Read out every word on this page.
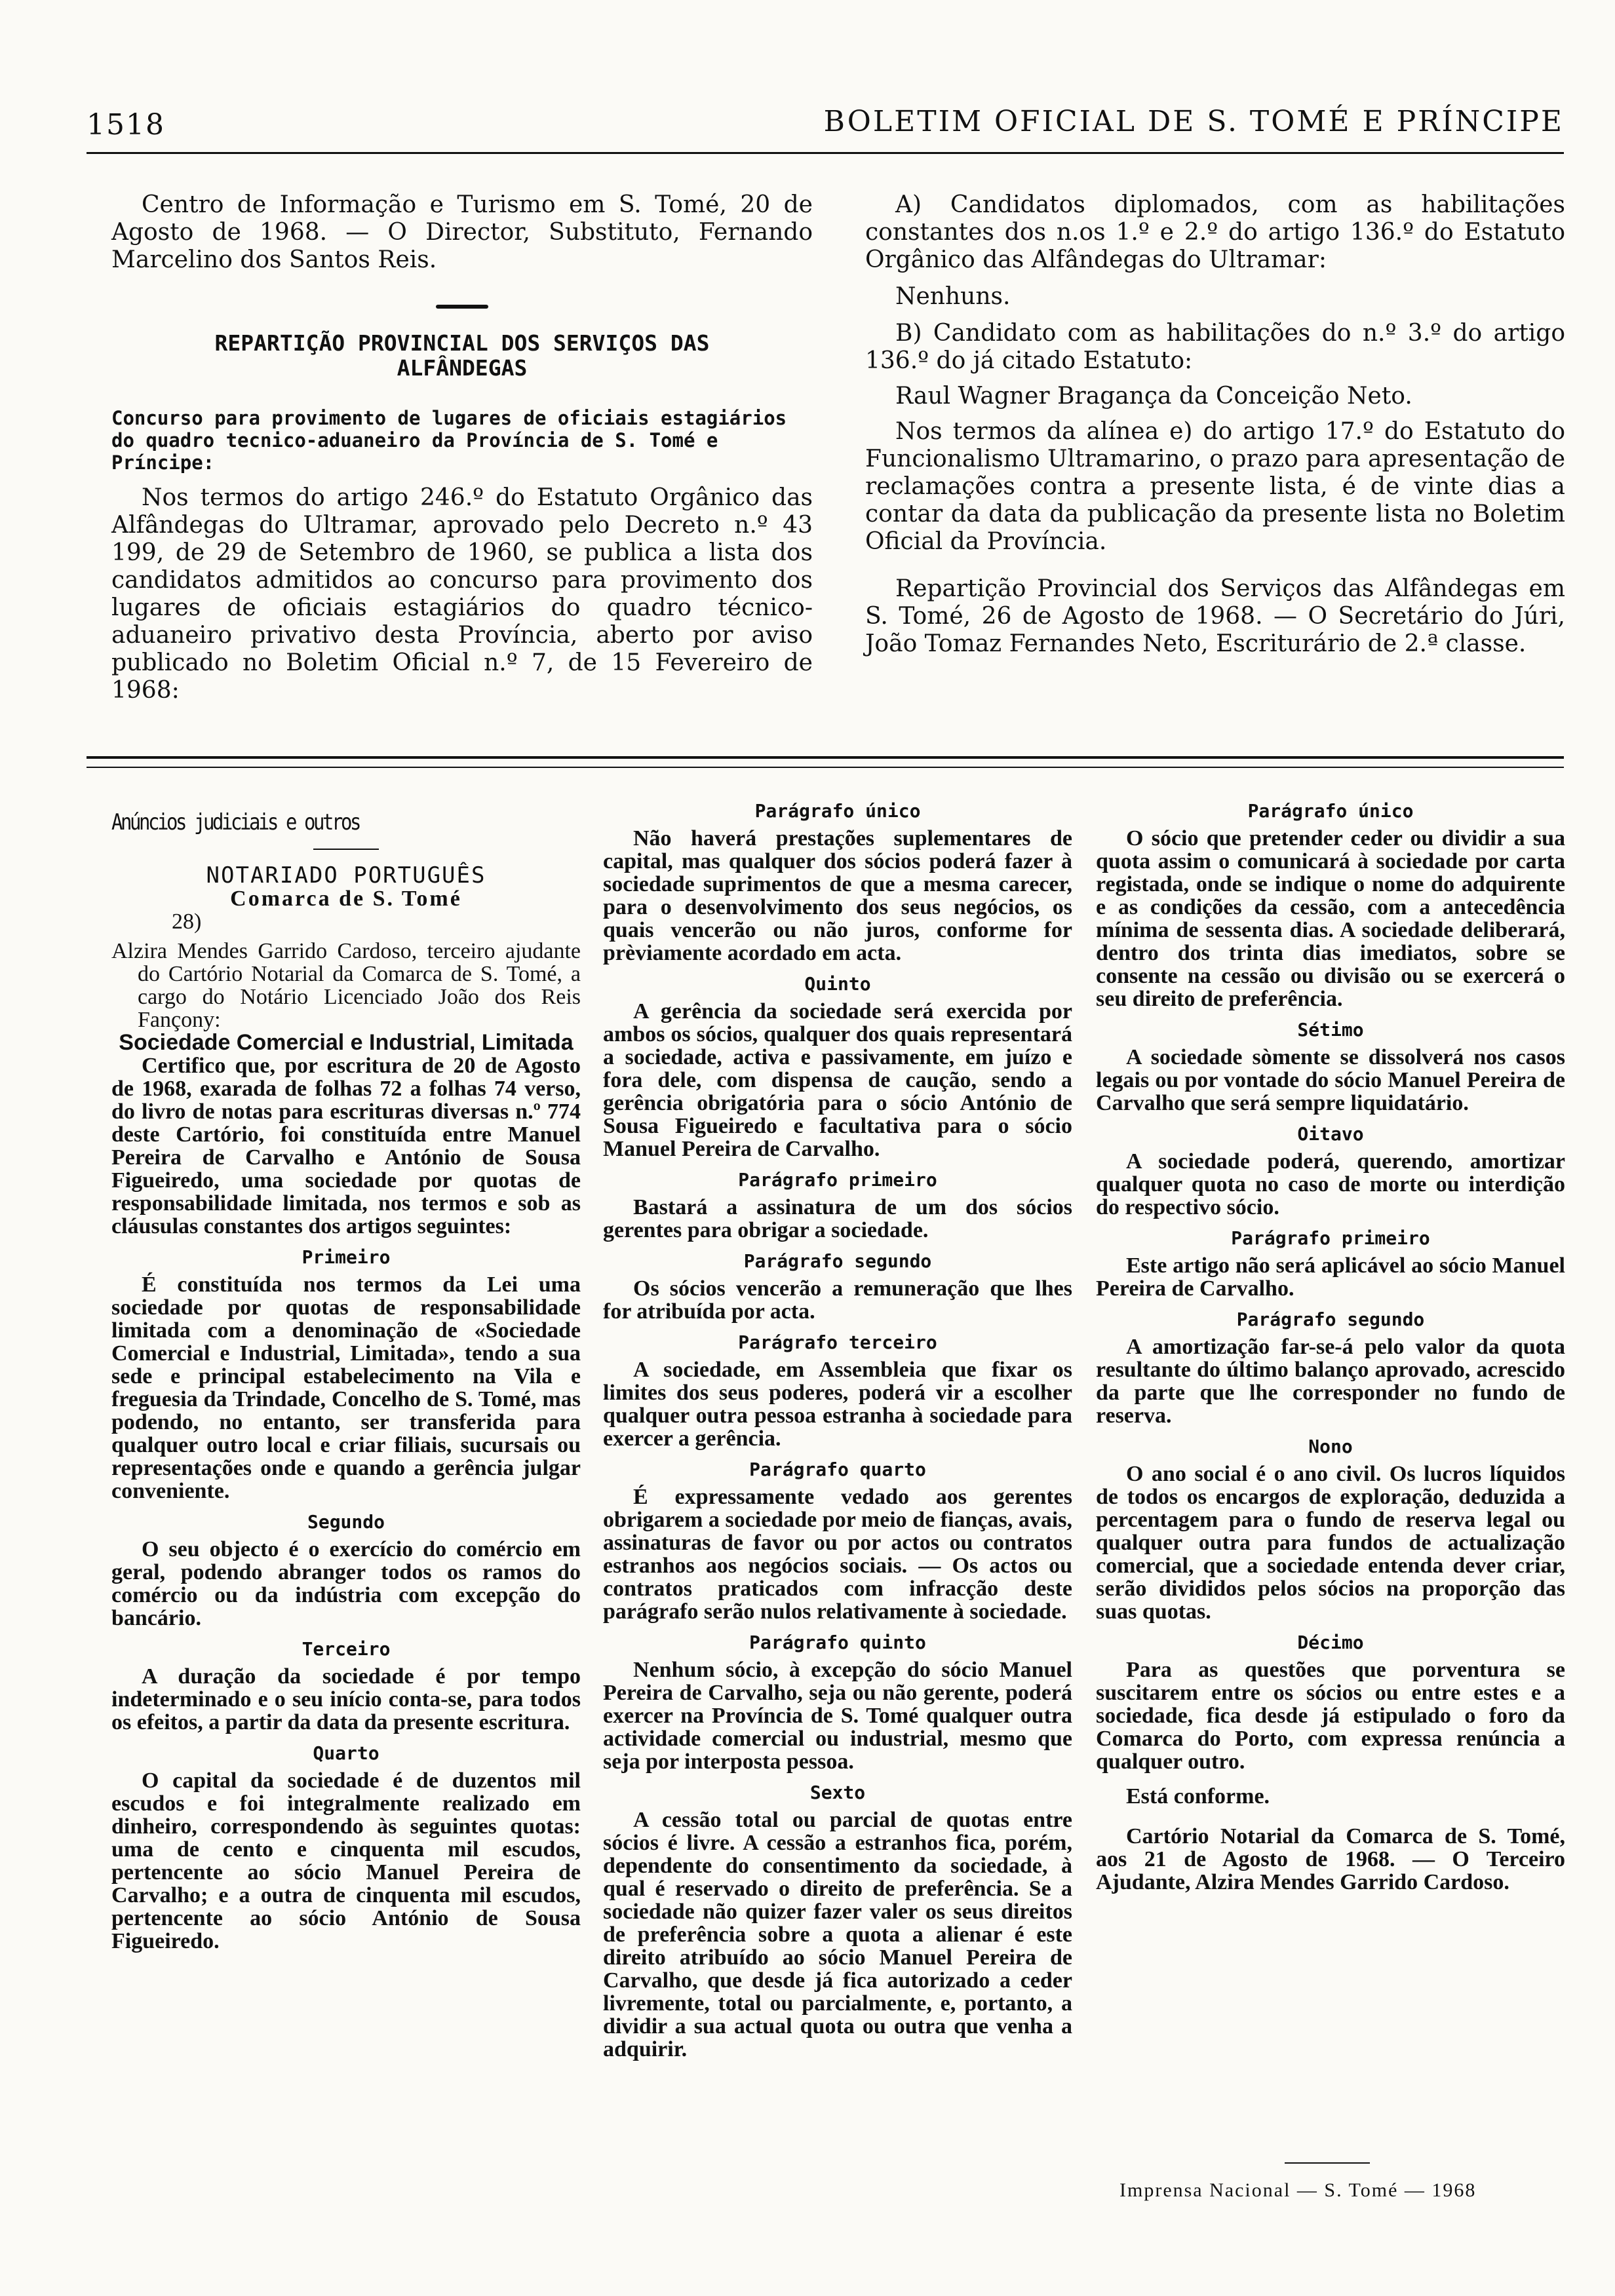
1518	BOLETIM OFICIAL DE S. TOMÉ E PRÍNCIPE

Centro de Informação e Turismo em S. Tomé, 20 de Agosto de 1968. — O Director, Substituto, Fernando Marcelino dos Santos Reis.

REPARTIÇÃO PROVINCIAL DOS SERVIÇOS DAS ALFÂNDEGAS

Concurso para provimento de lugares de oficiais estagiários do quadro tecnico-aduaneiro da Província de S. Tomé e Príncipe:

Nos termos do artigo 246.º do Estatuto Orgânico das Alfândegas do Ultramar, aprovado pelo Decreto n.º 43 199, de 29 de Setembro de 1960, se publica a lista dos candidatos admitidos ao concurso para provimento dos lugares de oficiais estagiários do quadro técnico-aduaneiro privativo desta Província, aberto por aviso publicado no Boletim Oficial n.º 7, de 15 Fevereiro de 1968:

A) Candidatos diplomados, com as habilitações constantes dos n.os 1.º e 2.º do artigo 136.º do Estatuto Orgânico das Alfândegas do Ultramar:

Nenhuns.

B) Candidato com as habilitações do n.º 3.º do artigo 136.º do já citado Estatuto:

Raul Wagner Bragança da Conceição Neto.

Nos termos da alínea e) do artigo 17.º do Estatuto do Funcionalismo Ultramarino, o prazo para apresentação de reclamações contra a presente lista, é de vinte dias a contar da data da publicação da presente lista no Boletim Oficial da Província.

Repartição Provincial dos Serviços das Alfândegas em S. Tomé, 26 de Agosto de 1968. — O Secretário do Júri, João Tomaz Fernandes Neto, Escriturário de 2.ª classe.

Anúncios judiciais e outros

NOTARIADO PORTUGUÊS

Comarca de S. Tomé

28)

Alzira Mendes Garrido Cardoso, terceiro ajudante do Cartório Notarial da Comarca de S. Tomé, a cargo do Notário Licenciado João dos Reis Fançony:

Sociedade Comercial e Industrial, Limitada

Certifico que, por escritura de 20 de Agosto de 1968, exarada de folhas 72 a folhas 74 verso, do livro de notas para escrituras diversas n.º 774 deste Cartório, foi constituída entre Manuel Pereira de Carvalho e António de Sousa Figueiredo, uma sociedade por quotas de responsabilidade limitada, nos termos e sob as cláusulas constantes dos artigos seguintes:

Primeiro

É constituída nos termos da Lei uma sociedade por quotas de responsabilidade limitada com a denominação de «Sociedade Comercial e Industrial, Limitada», tendo a sua sede e principal estabelecimento na Vila e freguesia da Trindade, Concelho de S. Tomé, mas podendo, no entanto, ser transferida para qualquer outro local e criar filiais, sucursais ou representações onde e quando a gerência julgar conveniente.

Segundo

O seu objecto é o exercício do comércio em geral, podendo abranger todos os ramos do comércio ou da indústria com excepção do bancário.

Terceiro

A duração da sociedade é por tempo indeterminado e o seu início conta-se, para todos os efeitos, a partir da data da presente escritura.

Quarto

O capital da sociedade é de duzentos mil escudos e foi integralmente realizado em dinheiro, correspondendo às seguintes quotas: uma de cento e cinquenta mil escudos, pertencente ao sócio Manuel Pereira de Carvalho; e a outra de cinquenta mil escudos, pertencente ao sócio António de Sousa Figueiredo.

Parágrafo único

Não haverá prestações suplementares de capital, mas qualquer dos sócios poderá fazer à sociedade suprimentos de que a mesma carecer, para o desenvolvimento dos seus negócios, os quais vencerão ou não juros, conforme for prèviamente acordado em acta.

Quinto

A gerência da sociedade será exercida por ambos os sócios, qualquer dos quais representará a sociedade, activa e passivamente, em juízo e fora dele, com dispensa de caução, sendo a gerência obrigatória para o sócio António de Sousa Figueiredo e facultativa para o sócio Manuel Pereira de Carvalho.

Parágrafo primeiro

Bastará a assinatura de um dos sócios gerentes para obrigar a sociedade.

Parágrafo segundo

Os sócios vencerão a remuneração que lhes for atribuída por acta.

Parágrafo terceiro

A sociedade, em Assembleia que fixar os limites dos seus poderes, poderá vir a escolher qualquer outra pessoa estranha à sociedade para exercer a gerência.

Parágrafo quarto

É expressamente vedado aos gerentes obrigarem a sociedade por meio de fianças, avais, assinaturas de favor ou por actos ou contratos estranhos aos negócios sociais. — Os actos ou contratos praticados com infracção deste parágrafo serão nulos relativamente à sociedade.

Parágrafo quinto

Nenhum sócio, à excepção do sócio Manuel Pereira de Carvalho, seja ou não gerente, poderá exercer na Província de S. Tomé qualquer outra actividade comercial ou industrial, mesmo que seja por interposta pessoa.

Sexto

A cessão total ou parcial de quotas entre sócios é livre. A cessão a estranhos fica, porém, dependente do consentimento da sociedade, à qual é reservado o direito de preferência. Se a sociedade não quizer fazer valer os seus direitos de preferência sobre a quota a alienar é este direito atribuído ao sócio Manuel Pereira de Carvalho, que desde já fica autorizado a ceder livremente, total ou parcialmente, e, portanto, a dividir a sua actual quota ou outra que venha a adquirir.

Parágrafo único

O sócio que pretender ceder ou dividir a sua quota assim o comunicará à sociedade por carta registada, onde se indique o nome do adquirente e as condições da cessão, com a antecedência mínima de sessenta dias. A sociedade deliberará, dentro dos trinta dias imediatos, sobre se consente na cessão ou divisão ou se exercerá o seu direito de preferência.

Sétimo

A sociedade sòmente se dissolverá nos casos legais ou por vontade do sócio Manuel Pereira de Carvalho que será sempre liquidatário.

Oitavo

A sociedade poderá, querendo, amortizar qualquer quota no caso de morte ou interdição do respectivo sócio.

Parágrafo primeiro

Este artigo não será aplicável ao sócio Manuel Pereira de Carvalho.

Parágrafo segundo

A amortização far-se-á pelo valor da quota resultante do último balanço aprovado, acrescido da parte que lhe corresponder no fundo de reserva.

Nono

O ano social é o ano civil. Os lucros líquidos de todos os encargos de exploração, deduzida a percentagem para o fundo de reserva legal ou qualquer outra para fundos de actualização comercial, que a sociedade entenda dever criar, serão divididos pelos sócios na proporção das suas quotas.

Décimo

Para as questões que porventura se suscitarem entre os sócios ou entre estes e a sociedade, fica desde já estipulado o foro da Comarca do Porto, com expressa renúncia a qualquer outro.

Está conforme.

Cartório Notarial da Comarca de S. Tomé, aos 21 de Agosto de 1968. — O Terceiro Ajudante, Alzira Mendes Garrido Cardoso.

Imprensa Nacional — S. Tomé — 1968
